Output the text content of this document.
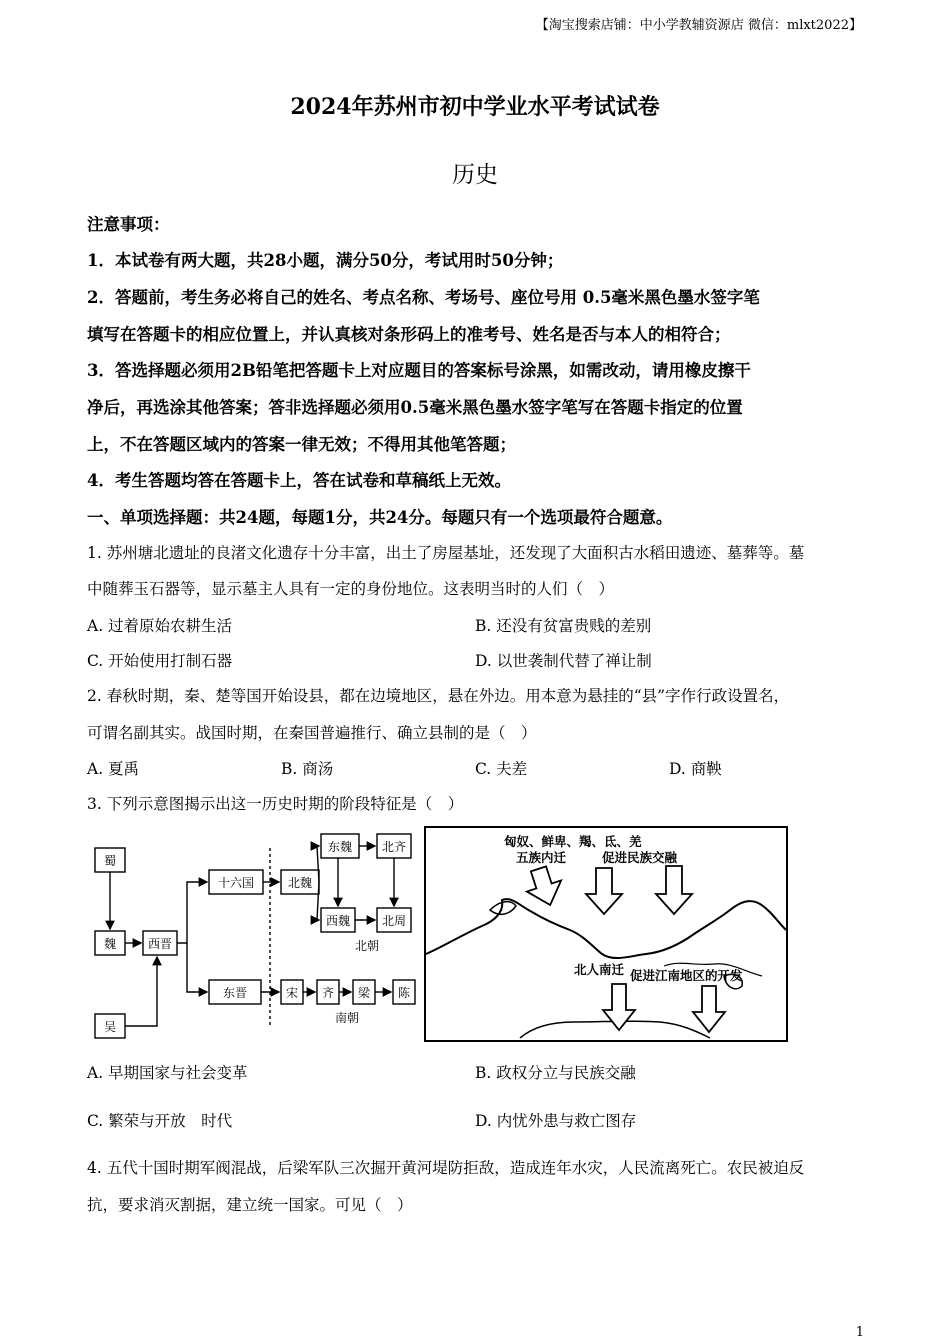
【淘宝搜索店铺：中小学教辅资源店 微信：mlxt2022】
2024年苏州市初中学业水平考试试卷
历史
注意事项：
1．本试卷有两大题，共28小题，满分50分，考试用时50分钟；
2．答题前，考生务必将自己的姓名、考点名称、考场号、座位号用 0.5毫米黑色墨水签字笔
填写在答题卡的相应位置上，并认真核对条形码上的准考号、姓名是否与本人的相符合；
3．答选择题必须用2B铅笔把答题卡上对应题目的答案标号涂黑，如需改动，请用橡皮擦干
净后，再选涂其他答案；答非选择题必须用0.5毫米黑色墨水签字笔写在答题卡指定的位置
上，不在答题区域内的答案一律无效；不得用其他笔答题；
4．考生答题均答在答题卡上，答在试卷和草稿纸上无效。
一、单项选择题：共24题，每题1分，共24分。每题只有一个选项最符合题意。
1. 苏州塘北遗址的良渚文化遗存十分丰富，出土了房屋基址，还发现了大面积古水稻田遗迹、墓葬等。墓
中随葬玉石器等，显示墓主人具有一定的身份地位。这表明当时的人们（　）
A. 过着原始农耕生活	B. 还没有贫富贵贱的差别
C. 开始使用打制石器	D. 以世袭制代替了禅让制
2. 春秋时期，秦、楚等国开始设县，都在边境地区，悬在外边。用本意为悬挂的“县”字作行政设置名，
可谓名副其实。战国时期，在秦国普遍推行、确立县制的是（　）
A. 夏禹	B. 商汤	C. 夫差	D. 商鞅
3. 下列示意图揭示出这一历史时期的阶段特征是（　）
蜀
魏
吴
西晋
十六国	北魏
东魏
西魏
北齐
北周
北朝
东晋	宋 齐 梁 陈
南朝
匈奴、鲜卑、羯、氐、羌
五族内迁	促进民族交融
北人南迁 促进江南地区的开发
A. 早期国家与社会变革	B. 政权分立与民族交融
C. 繁荣与开放　时代	D. 内忧外患与救亡图存
4. 五代十国时期军阀混战，后梁军队三次掘开黄河堤防拒敌，造成连年水灾，人民流离死亡。农民被迫反
抗，要求消灭割据，建立统一国家。可见（　）
1
